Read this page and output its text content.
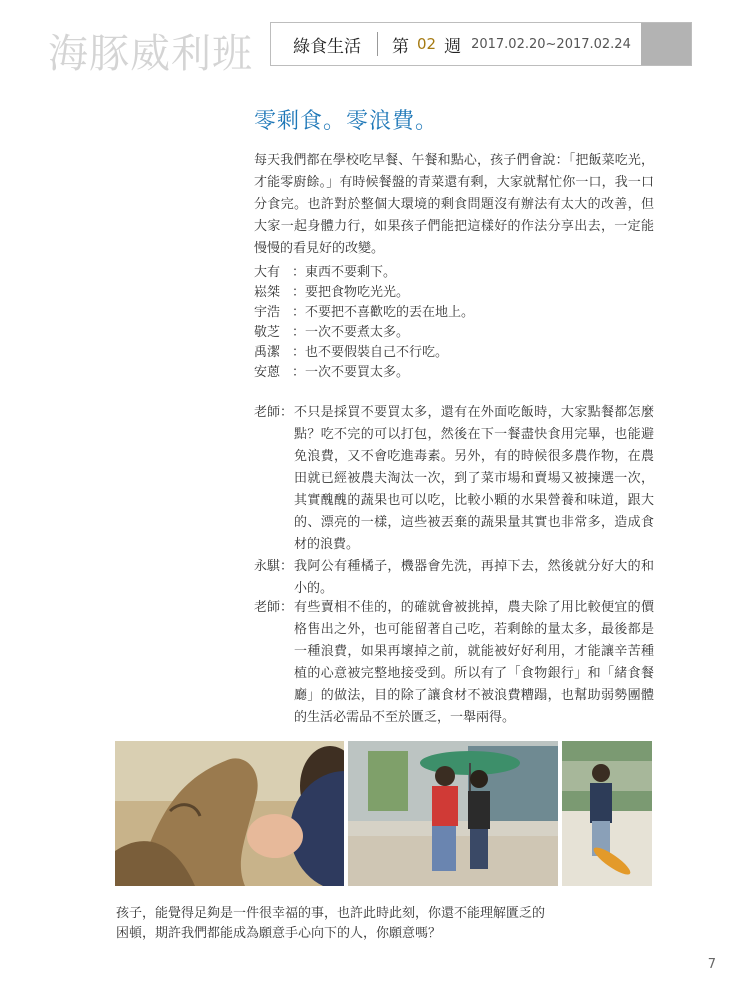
海豚威利班 綠食生活 第 02 週 2017.02.20~2017.02.24
零剩食。零浪費。
每天我們都在學校吃早餐、午餐和點心，孩子們會說：「把飯菜吃光，才能零廚餘。」有時候餐盤的青菜還有剩，大家就幫忙你一口，我一口分食完。也許對於整個大環境的剩食問題沒有辦法有太大的改善，但大家一起身體力行，如果孩子們能把這樣好的作法分享出去，一定能慢慢的看見好的改變。
大有 ： 東西不要剩下。
崧桀 ： 要把食物吃光光。
宇浩 ： 不要把不喜歡吃的丟在地上。
敬芝 ： 一次不要煮太多。
禹潔 ： 也不要假裝自己不行吃。
安蒽 ： 一次不要買太多。
老師： 不只是採買不要買太多，還有在外面吃飯時，大家點餐都怎麼點？吃不完的可以打包，然後在下一餐盡快食用完畢，也能避免浪費，又不會吃進毒素。另外，有的時候很多農作物，在農田就已經被農夫淘汰一次，到了菜市場和賣場又被揀選一次，其實醜醜的蔬果也可以吃，比較小顆的水果營養和味道，跟大的、漂亮的一樣，這些被丟棄的蔬果量其實也非常多，造成食材的浪費。
永騏： 我阿公有種橘子，機器會先洗，再掉下去，然後就分好大的和小的。
老師： 有些賣相不佳的，的確就會被挑掉，農夫除了用比較便宜的價格售出之外，也可能留著自己吃，若剩餘的量太多，最後都是一種浪費，如果再壞掉之前，就能被好好利用，才能讓辛苦種植的心意被完整地接受到。所以有了「食物銀行」和「緒食餐廳」的做法，目的除了讓食材不被浪費糟蹋，也幫助弱勢團體的生活必需品不至於匱乏，一舉兩得。
孩子，能覺得足夠是一件很幸福的事，也許此時此刻，你還不能理解匱乏的困頓，期許我們都能成為願意手心向下的人，你願意嗎？
7
